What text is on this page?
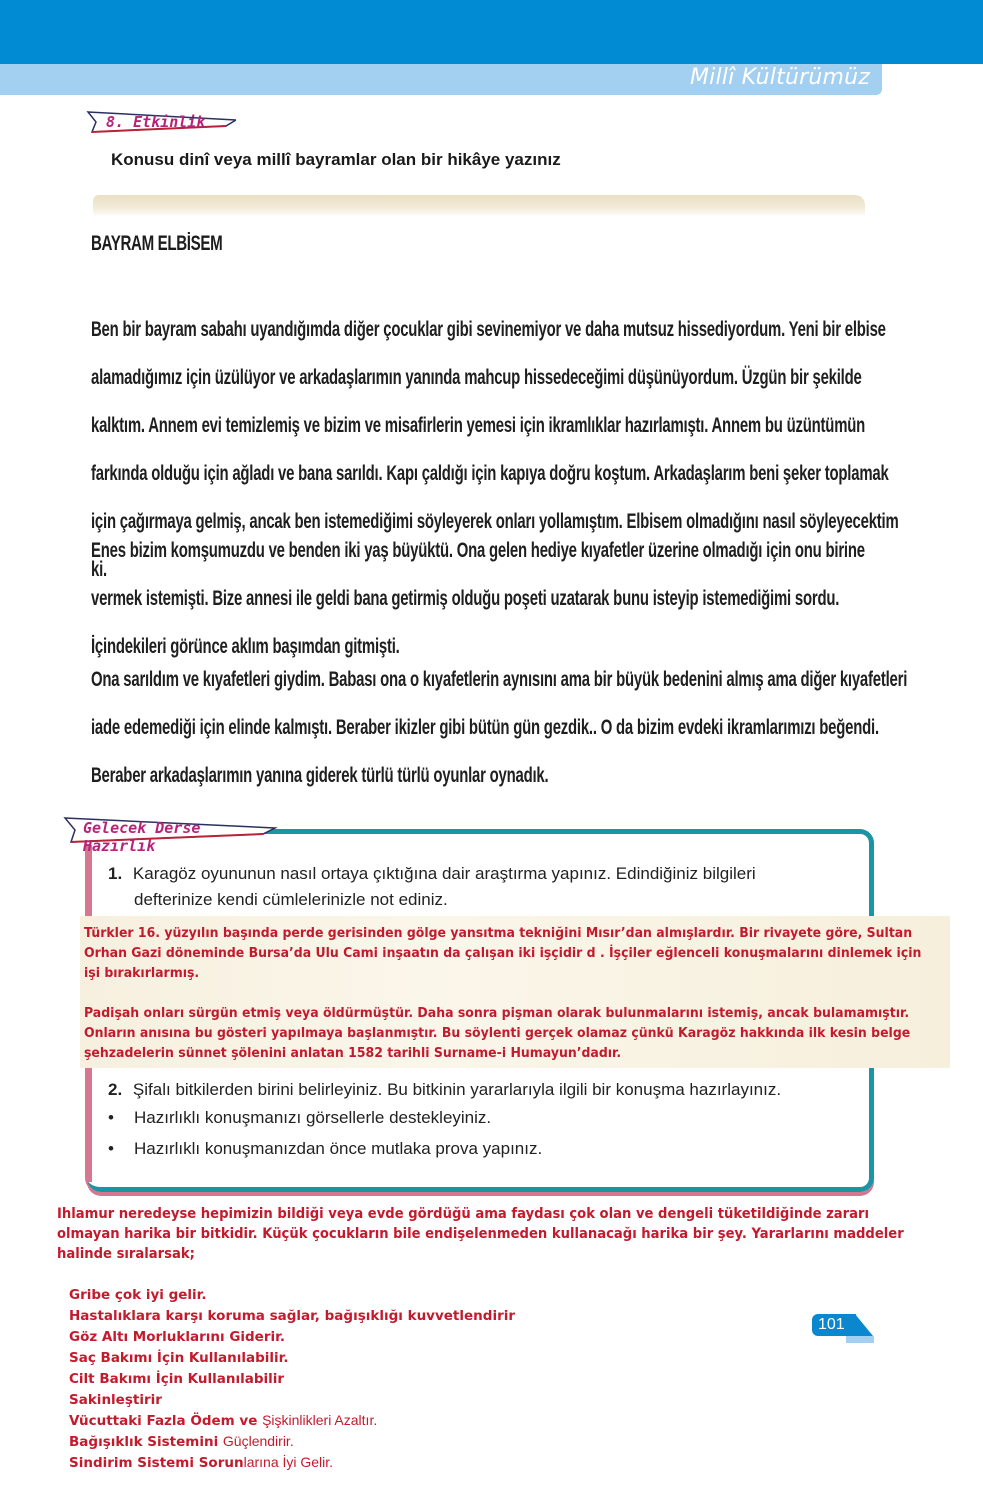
Millî Kültürümüz
8. Etkinlik
Konusu dinî veya millî bayramlar olan bir hikâye yazınız
BAYRAM ELBİSEM
Ben bir bayram sabahı uyandığımda diğer çocuklar gibi sevinemiyor ve daha mutsuz hissediyordum. Yeni bir elbise alamadığımız için üzülüyor ve arkadaşlarımın yanında mahcup hissedeceğimi düşünüyordum. Üzgün bir şekilde kalktım. Annem evi temizlemiş ve bizim ve misafirlerin yemesi için ikramlıklar hazırlamıştı. Annem bu üzüntümün farkında olduğu için ağladı ve bana sarıldı. Kapı çaldığı için kapıya doğru koştum. Arkadaşlarım beni şeker toplamak için çağırmaya gelmiş, ancak ben istemediğimi söyleyerek onları yollamıştım. Elbisem olmadığını nasıl söyleyecektim ki.
Enes bizim komşumuzdu ve benden iki yaş büyüktü. Ona gelen hediye kıyafetler üzerine olmadığı için onu birine vermek istemişti. Bize annesi ile geldi bana getirmiş olduğu poşeti uzatarak bunu isteyip istemediğimi sordu. İçindekileri görünce aklım başımdan gitmişti.
Ona sarıldım ve kıyafetleri giydim. Babası ona o kıyafetlerin aynısını ama bir büyük bedenini almış ama diğer kıyafetleri iade edemediği için elinde kalmıştı. Beraber ikizler gibi bütün gün gezdik.. O da bizim evdeki ikramlarımızı beğendi. Beraber arkadaşlarımın yanına giderek türlü türlü oyunlar oynadık.
Gelecek Derse Hazırlık
1. Karagöz oyununun nasıl ortaya çıktığına dair araştırma yapınız. Edindiğiniz bilgileri
defterinize kendi cümlelerinizle not ediniz.
Türkler 16. yüzyılın başında perde gerisinden gölge yansıtma tekniğini Mısır’dan almışlardır. Bir rivayete göre, Sultan Orhan Gazi döneminde Bursa’da Ulu Cami inşaatın da çalışan iki işçidir d . İşçiler eğlenceli konuşmalarını dinlemek için işi bırakırlarmış.
Padişah onları sürgün etmiş veya öldürmüştür. Daha sonra pişman olarak bulunmalarını istemiş, ancak bulamamıştır. Onların anısına bu gösteri yapılmaya başlanmıştır. Bu söylenti gerçek olamaz çünkü Karagöz hakkında ilk kesin belge şehzadelerin sünnet şölenini anlatan 1582 tarihli Surname-i Humayun’dadır.
2. Şifalı bitkilerden birini belirleyiniz. Bu bitkinin yararlarıyla ilgili bir konuşma hazırlayınız.
• Hazırlıklı konuşmanızı görsellerle destekleyiniz.
• Hazırlıklı konuşmanızdan önce mutlaka prova yapınız.
Ihlamur neredeyse hepimizin bildiği veya evde gördüğü ama faydası çok olan ve dengeli tüketildiğinde zararı olmayan harika bir bitkidir. Küçük çocukların bile endişelenmeden kullanacağı harika bir şey. Yararlarını maddeler halinde sıralarsak;
Gribe çok iyi gelir.
Hastalıklara karşı koruma sağlar, bağışıklığı kuvvetlendirir
Göz Altı Morluklarını Giderir.
Saç Bakımı İçin Kullanılabilir.
Cilt Bakımı İçin Kullanılabilir
Sakinleştirir
Vücuttaki Fazla Ödem ve Şişkinlikleri Azaltır.
Bağışıklık Sistemini Güçlendirir.
Sindirim Sistemi Sorunlarına İyi Gelir.
101
